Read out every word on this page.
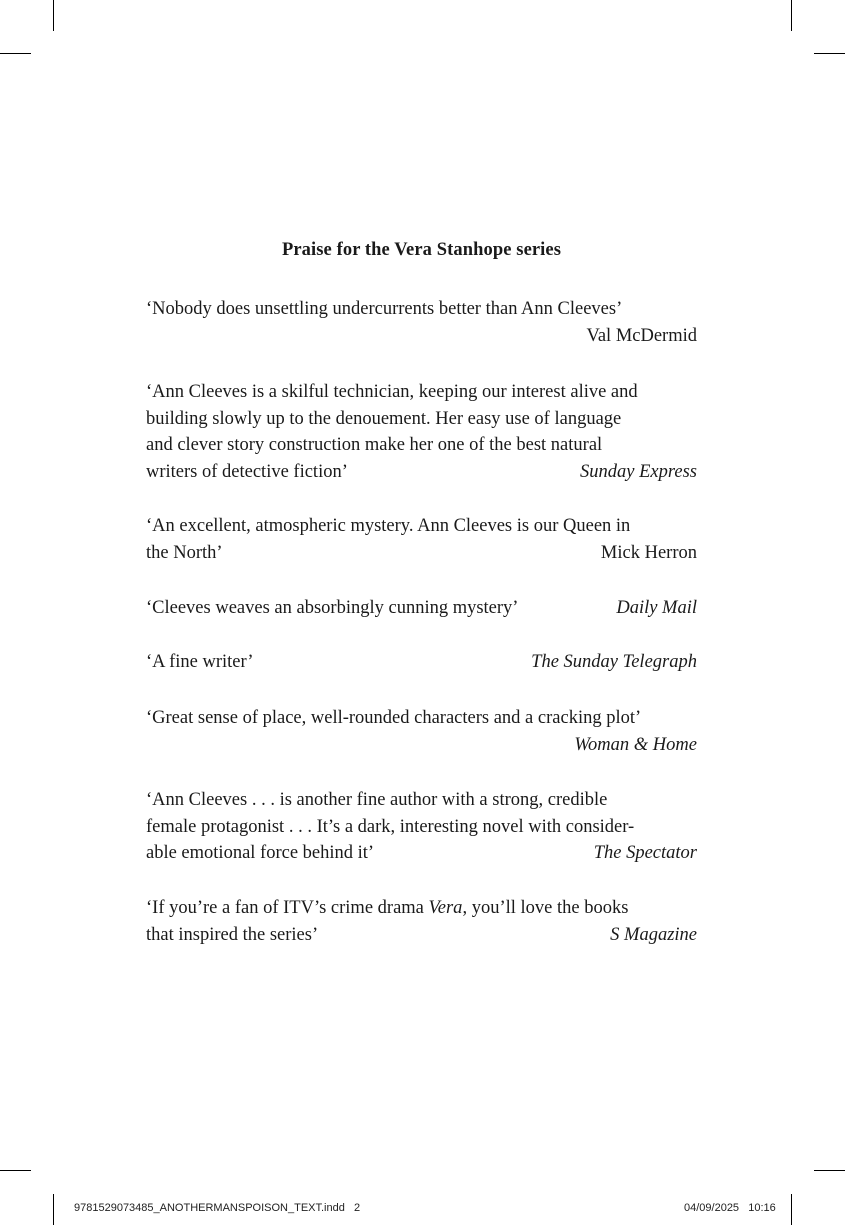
Praise for the Vera Stanhope series
‘Nobody does unsettling undercurrents better than Ann Cleeves’
Val McDermid
‘Ann Cleeves is a skilful technician, keeping our interest alive and
building slowly up to the denouement. Her easy use of language
and clever story construction make her one of the best natural
writers of detective fiction’	Sunday Express
‘An excellent, atmospheric mystery. Ann Cleeves is our Queen in
the North’	Mick Herron
‘Cleeves weaves an absorbingly cunning mystery’	Daily Mail
‘A fine writer’	The Sunday Telegraph
‘Great sense of place, well-rounded characters and a cracking plot’
Woman & Home
‘Ann Cleeves . . . is another fine author with a strong, credible
female protagonist . . . It’s a dark, interesting novel with consider-
able emotional force behind it’	The Spectator
‘If you’re a fan of ITV’s crime drama Vera, you’ll love the books
that inspired the series’	S Magazine
9781529073485_ANOTHERMANSPOISON_TEXT.indd   2	04/09/2025   10:16
